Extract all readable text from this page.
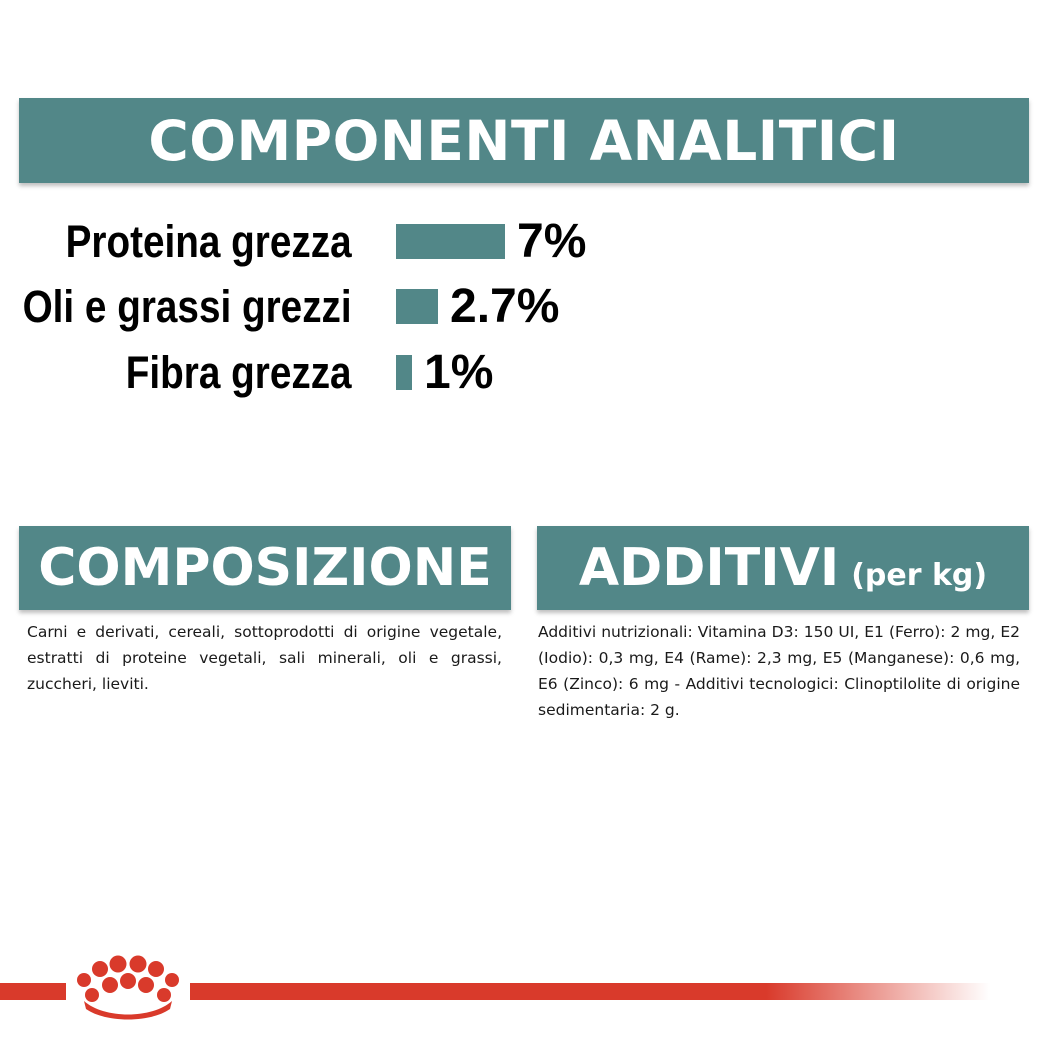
COMPONENTI ANALITICI
Proteina grezza	7%
Oli e grassi grezzi 2.7%
Fibra grezza 1%
COMPOSIZIONE
Carni e derivati, cereali, sottoprodotti di origine vegetale, estratti di proteine vegetali, sali minerali, oli e grassi, zuccheri, lieviti.
ADDITIVI (per kg)
Additivi nutrizionali: Vitamina D3: 150 UI, E1 (Ferro): 2 mg, E2 (Iodio): 0,3 mg, E4 (Rame): 2,3 mg, E5 (Manganese): 0,6 mg, E6 (Zinco): 6 mg - Additivi tecnologici: Clinoptilolite di origine sedimentaria: 2 g.
